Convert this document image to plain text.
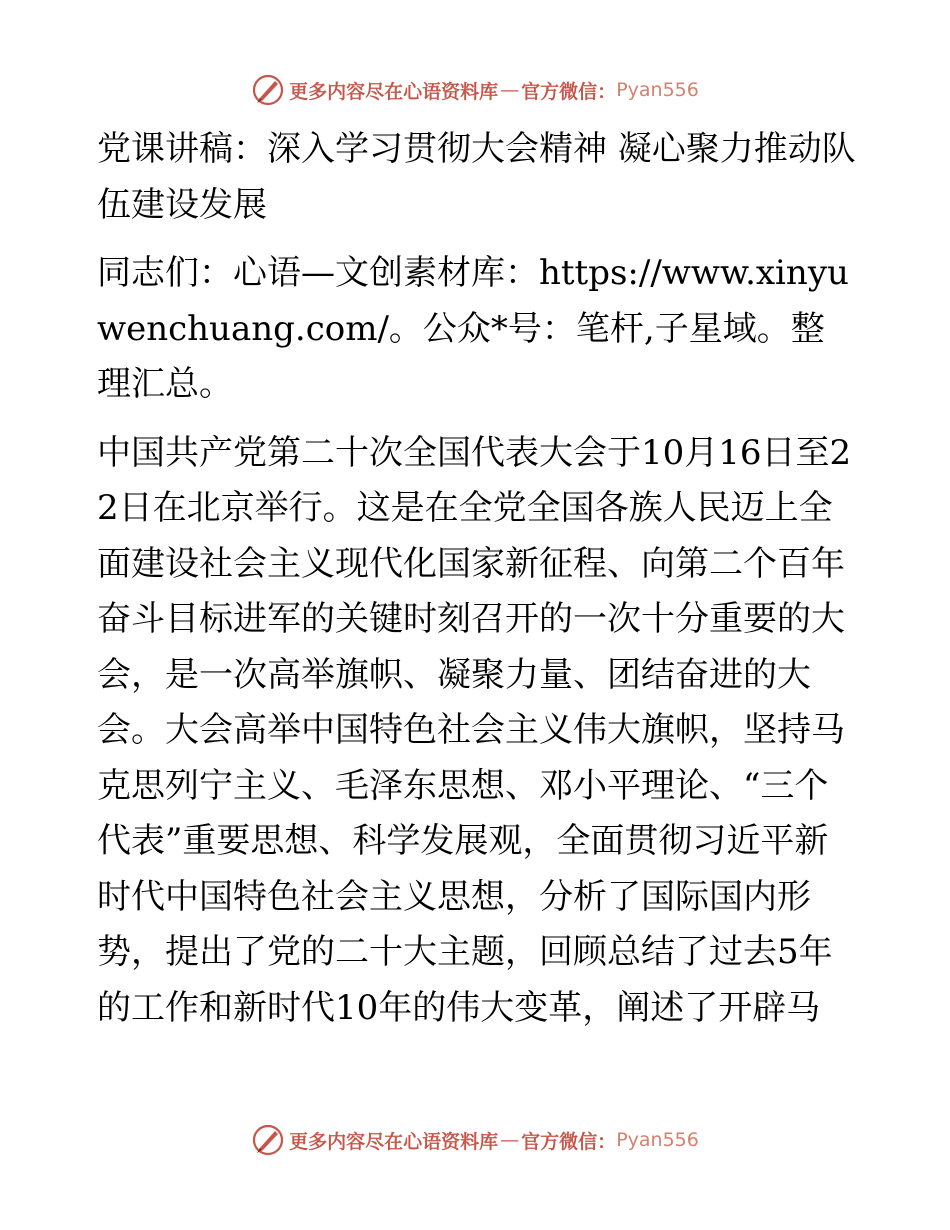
更多内容尽在心语资料库 — 官方微信： Pyan556
党课讲稿：深入学习贯彻大会精神 凝心聚力推动队伍建设发展

同志们：心语—文创素材库：https://www.xinyuwenchuang.com/。公众*号：笔杆,子星域。整理汇总。

中国共产党第二十次全国代表大会于10月16日至22日在北京举行。这是在全党全国各族人民迈上全面建设社会主义现代化国家新征程、向第二个百年奋斗目标进军的关键时刻召开的一次十分重要的大会，是一次高举旗帜、凝聚力量、团结奋进的大会。大会高举中国特色社会主义伟大旗帜，坚持马克思列宁主义、毛泽东思想、邓小平理论、“三个代表”重要思想、科学发展观，全面贯彻习近平新时代中国特色社会主义思想，分析了国际国内形势，提出了党的二十大主题，回顾总结了过去5年的工作和新时代10年的伟大变革，阐述了开辟马

更多内容尽在心语资料库 — 官方微信： Pyan556
